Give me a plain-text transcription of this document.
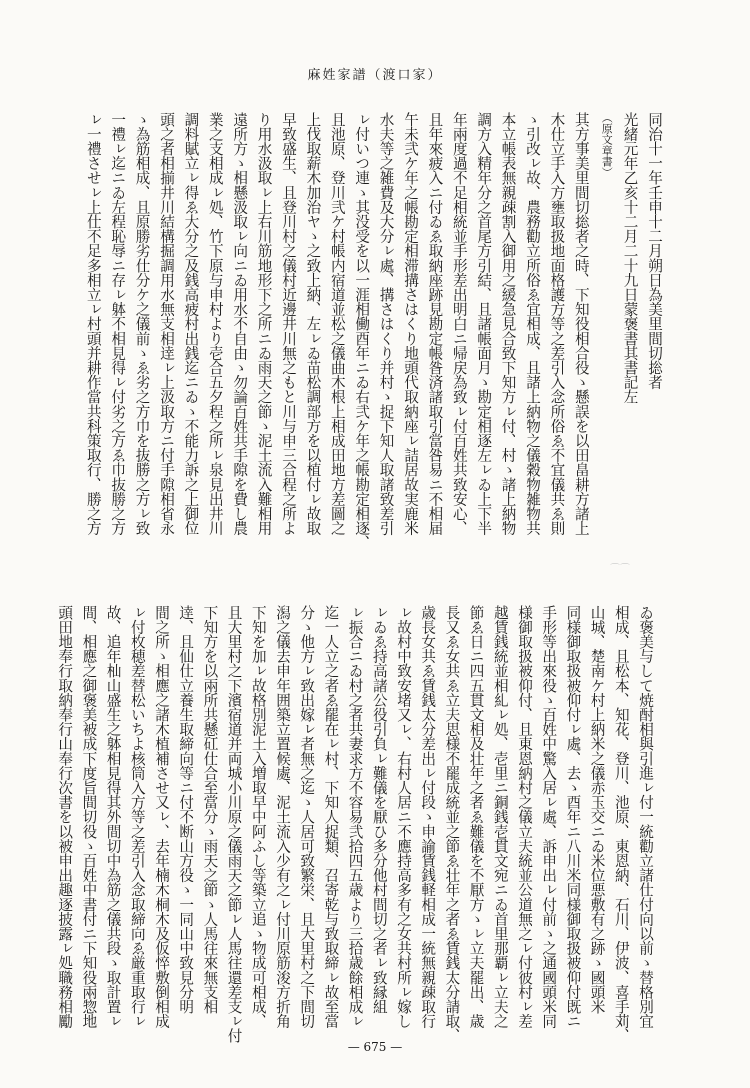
麻姓家譜（渡口家）
同治十一年壬申十二月朔日為美里間切捴者
光緒元年乙亥十二月二十九日蒙褒書其書記左
（原文章書）
其方事美里間切捴者之時、下知役相合役ゝ懸誤を以田畠耕方諸上
木仕立手入方壅取扱地面格護方等之差引入念所俗ゑ不宜儀共ゑ則
ゝ引改ㇾ故、農務勸立所俗ゑ宜相成、且諸上納物之儀穀物雑物共
本立帳表無親疎割入御用之緩急見合致下知方ㇾ付、村ゝ諸上納物
調方入精年分之首尾方引結、且諸帳面月ゝ勘定相逐左ㇾゐ上下半
年兩度過不足相統並手形差出明白ニ帰戻為致ㇾ付百姓共致安心、
且年來疲入ニ付ゐゑ取納座跡見勘定帳昝済諸取引當咎易ニ不相届
午未弐ケ年之帳勘定相滞搆さはくり地頭代取納座ㇾ詰居故実鹿米
水夫等之雑費及大分ㇾ處、搆さはくり并村ゝ捉下知人取諸致差引
ㇾ付いつ連ゝ其没受を以一涯相働酉年ニゐ右弐ケ年之帳勘定相逐、
且池原、登川弐ケ村帳内宿道並松之儀曲木根上相成田地方差圖之
上伐取薪木加治ヤゝ之致上納、左ㇾゐ苗松調部方を以植付ㇾ故取
早致盛生、且登川村之儀村近邊井川無之もと川与申三合程之所よ
り用水汲取ㇾ上右川筋地形下之所ニゐ雨天之節ゝ泥土流入難相用
遠所方ゝ相懸汲取ㇾ向ニゐ用水不自由ゝ勿論百姓共手隙を費し農
業之支相成ㇾ処、竹下原与申村より壱合五夕程之所ㇾ泉見出井川
調料賦立ㇾ得ゑ大分之及銭高疲村出銭迄ニゐゝ不能力訴之上御位
頭之者相揃井川結構掘調用水無支相逹ㇾ上汲取方ニ付手隙相省永
ゝ為筋相成、且原勝劣仕分ケ之儀前ゝゑ劣之方巾を抜勝之方ㇾ致
一禮ㇾ迄ニゐ左程恥辱ニ存ㇾ躰不相見得ㇾ付劣之方ゑ巾抜勝之方
ㇾ一禮させㇾ上仕不足多相立ㇾ村頭并耕作當共科策取行、勝之方
ゐ褒美与して焼酎相與引進ㇾ付一統勸立諸仕付向以前ゝ替格別宜
相成、且松本、知花、登川、池原、東恩納、石川、伊波、喜手苅、
山城、楚南ケ村上納米之儀赤玉交ニゐ米位悪敷有之跡ゝ國頭米
同様御取扱被仰付ㇾ處、去ゝ酉年ニ八川米同様御取扱被仰付既ニ
手形等出來役ゝ百姓中驚入居ㇾ處、訴申出ㇾ付前ゝ之通國頭米同
様御取扱被仰付、且東恩納村之儀立夫統並公道無之ㇾ付彼村ㇾ差
越賃銭統並相糺ㇾ処、壱里ニ銅銭壱貫文宛ニゐ首里那覇ㇾ立夫之
節ゑ日ニ四五貫文相及壮年之者ゑ難儀を不厭方ゝㇾ立夫罷出、歳
長又ゑ女共ゑ立夫思様不罷成統並之節ゑ壮年之者ゑ賃銭太分請取、
歳長女共ゑ賃銭太分差出ㇾ付段ゝ申諭賃銭軽相成一統無親疎取行
ㇾ故村中致安堵又ㇾ、右村人居ニ不應持高多有之女共村所ㇾ嫁し
ㇾゐゑ持高諸公役引負ㇾ難儀を厭ひ多分他村間切之者ㇾ致縁組
ㇾ振合ニゐ村之者共妻求方不容易弐拾四五歳より三拾歳餘相成ㇾ
迄一人立之者ゑ罷在ㇾ村、下知人捉類、召寄乾与致取締ㇾ故至當
分ゝ他方ㇾ致出嫁ㇾ者無之迄ゝ人居可致繁栄、且大里村之下間切
潟之儀去申年囲築立置候處、泥土流入少有之ㇾ付川原筋浚方折角
下知を加ㇾ故格別泥土入増取早中阿ふし等築立追ゝ物成可相成、
且大里村之下濱宿道并両城小川原之儀雨天之節ㇾ人馬往還差支ㇾ付
下知方を以兩所共懸矼仕合至當分ゝ雨天之節ゝ人馬往來無支相
逹、且仙仕立養生取締向等ニ付不断山方役ゝ一同山中致見分明
間之所ゝ相應之諸木植補させ又ㇾ、去年楠木桐木及仮悴敷倒相成
ㇾ付枚穂差替松いちよ核筒入方等之差引入念取締向ゑ厳重取行ㇾ
故、追年杣山盛生之躰相見得其外間切中為筋之儀共段ゝ取計置ㇾ
間、相應之御褒美被成下度旨間切役ゝ百姓中書付ニ下知役兩惣地
頭田地奉行取納奉行山奉行次書を以被申出趣逐披露ㇾ処職務相勵
⌒⌒
— 675 —
